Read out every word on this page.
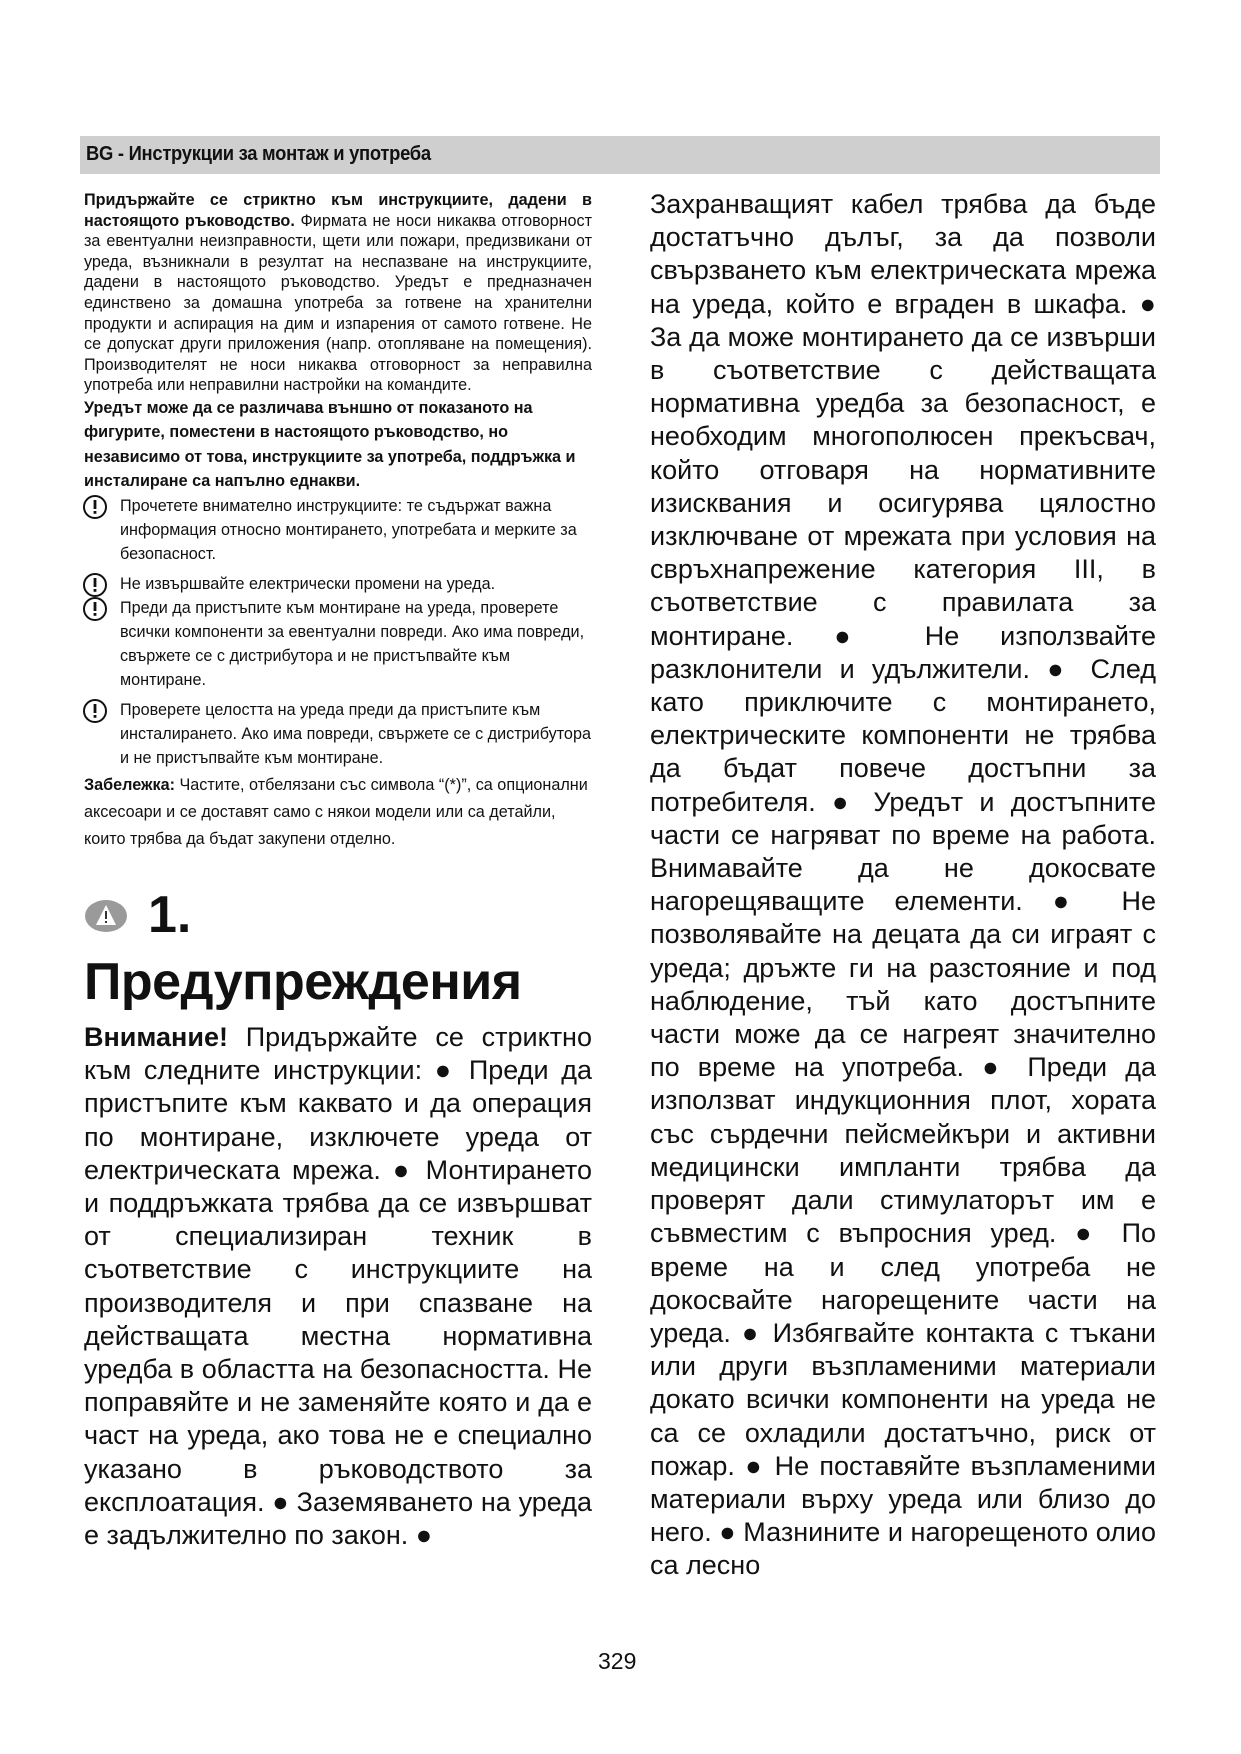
BG - Инструкции за монтаж и употреба

Придържайте се стриктно към инструкциите, дадени в настоящото ръководство. Фирмата не носи никаква отговорност за евентуални неизправности, щети или пожари, предизвикани от уреда, възникнали в резултат на неспазване на инструкциите, дадени в настоящото ръководство. Уредът е предназначен единствено за домашна употреба за готвене на хранителни продукти и аспирация на дим и изпарения от самото готвене. Не се допускат други приложения (напр. отопляване на помещения). Производителят не носи никаква отговорност за неправилна употреба или неправилни настройки на командите.

Уредът може да се различава външно от показаното на фигурите, поместени в настоящото ръководство, но независимо от това, инструкциите за употреба, поддръжка и инсталиране са напълно еднакви.

Прочетете внимателно инструкциите: те съдържат важна информация относно монтирането, употребата и мерките за безопасност.

Не извършвайте електрически промени на уреда.

Преди да пристъпите към монтиране на уреда, проверете всички компоненти за евентуални повреди. Ако има повреди, свържете се с дистрибутора и не пристъпвайте към монтиране.

Проверете целостта на уреда преди да пристъпите към инсталирането. Ако има повреди, свържете се с дистрибутора и не пристъпвайте към монтиране.

Забележка: Частите, отбелязани със символа “(*)”, са опционални аксесоари и се доставят само с някои модели или са детайли, които трябва да бъдат закупени отделно.

1.

Предупреждения

Внимание! Придържайте се стриктно към следните инструкции: ● Преди да пристъпите към каквато и да операция по монтиране, изключете уреда от електрическата мрежа. ● Монтирането и поддръжката трябва да се извършват от специализиран техник в съответствие с инструкциите на производителя и при спазване на действащата местна нормативна уредба в областта на безопасността. Не поправяйте и не заменяйте която и да е част на уреда, ако това не е специално указано в ръководството за експлоатация. ● Заземяването на уреда е задължително по закон. ●

Захранващият кабел трябва да бъде достатъчно дълъг, за да позволи свързването към електрическата мрежа на уреда, който е вграден в шкафа. ● За да може монтирането да се извърши в съответствие с действащата нормативна уредба за безопасност, е необходим многополюсен прекъсвач, който отговаря на нормативните изисквания и осигурява цялостно изключване от мрежата при условия на свръхнапрежение категория III, в съответствие с правилата за монтиране. ● Не използвайте разклонители и удължители. ● След като приключите с монтирането, електрическите компоненти не трябва да бъдат повече достъпни за потребителя. ● Уредът и достъпните части се нагряват по време на работа. Внимавайте да не докосвате нагорещяващите елементи. ● Не позволявайте на децата да си играят с уреда; дръжте ги на разстояние и под наблюдение, тъй като достъпните части може да се нагреят значително по време на употреба. ● Преди да използват индукционния плот, хората със сърдечни пейсмейкъри и активни медицински импланти трябва да проверят дали стимулаторът им е съвместим с въпросния уред. ● По време на и след употреба не докосвайте нагорещените части на уреда. ● Избягвайте контакта с тъкани или други възпламеними материали докато всички компоненти на уреда не са се охладили достатъчно, риск от пожар. ● Не поставяйте възпламеними материали върху уреда или близо до него. ● Мазнините и нагорещеното олио са лесно

329
